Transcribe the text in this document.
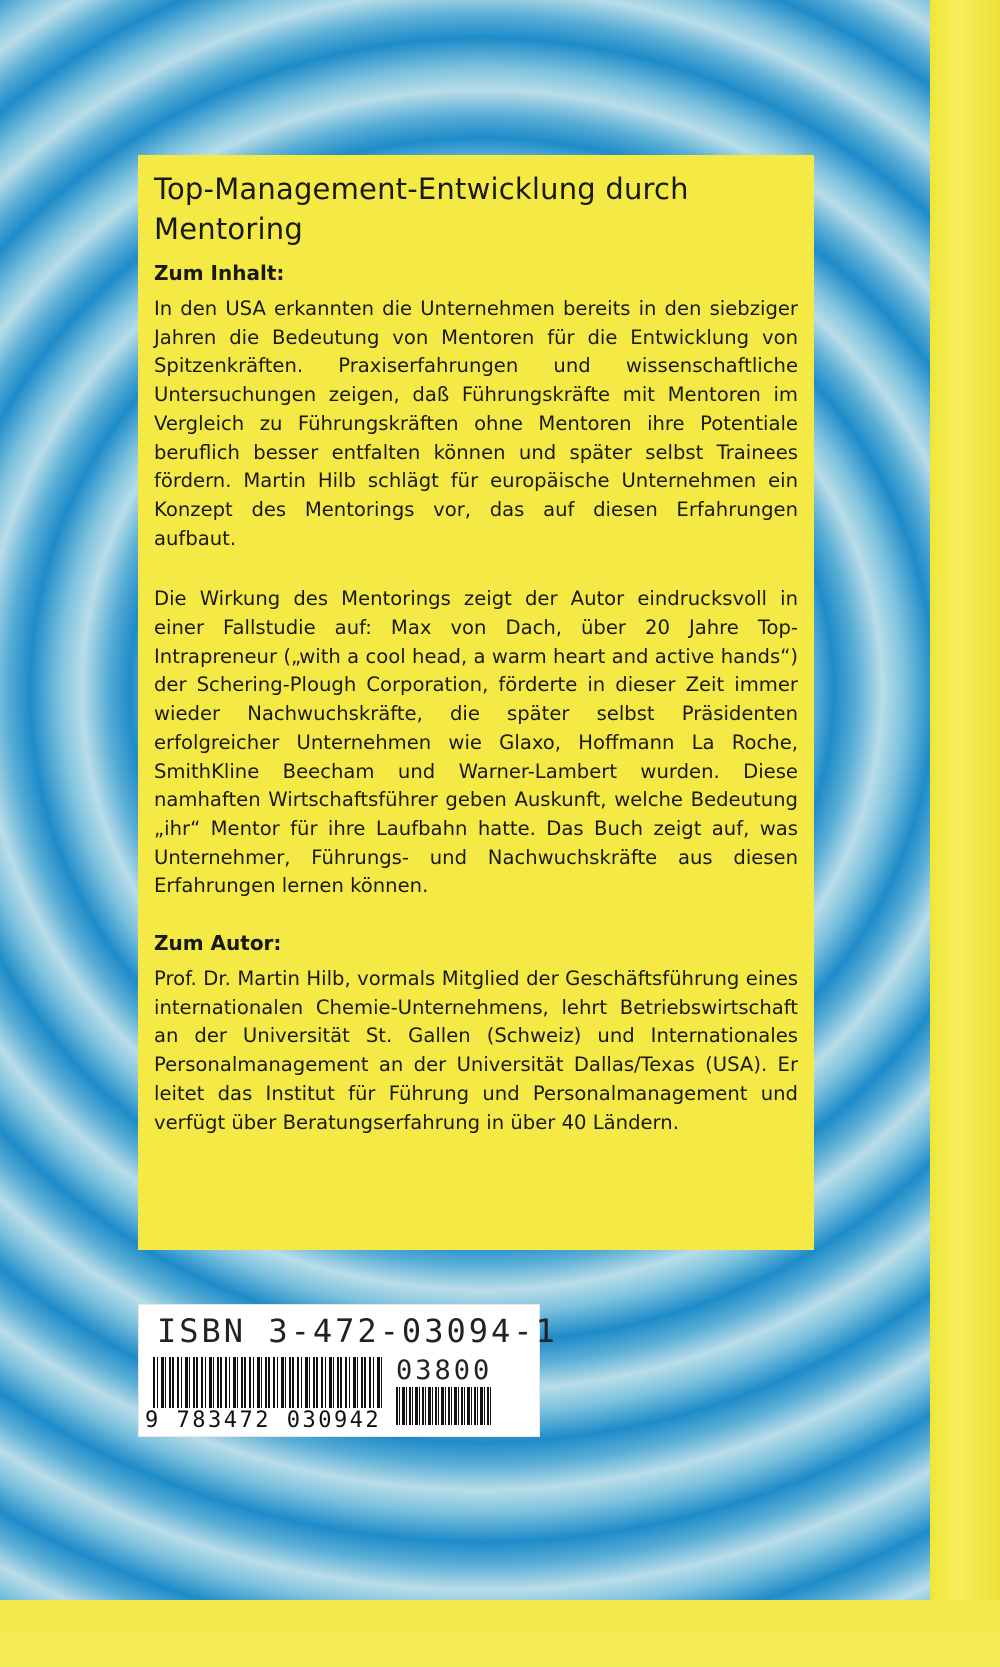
Top-Management-Entwicklung durch Mentoring
Zum Inhalt:

In den USA erkannten die Unternehmen bereits in den siebziger Jahren die Bedeutung von Mentoren für die Entwicklung von Spitzenkräften. Praxiserfahrungen und wissenschaftliche Untersuchungen zeigen, daß Führungskräfte mit Mentoren im Vergleich zu Führungskräften ohne Mentoren ihre Potentiale beruflich besser entfalten können und später selbst Trainees fördern. Martin Hilb schlägt für europäische Unternehmen ein Konzept des Mentorings vor, das auf diesen Erfahrungen aufbaut.

Die Wirkung des Mentorings zeigt der Autor eindrucksvoll in einer Fallstudie auf: Max von Dach, über 20 Jahre Top-Intrapreneur („with a cool head, a warm heart and active hands“) der Schering-Plough Corporation, förderte in dieser Zeit immer wieder Nachwuchskräfte, die später selbst Präsidenten erfolgreicher Unternehmen wie Glaxo, Hoffmann La Roche, SmithKline Beecham und Warner-Lambert wurden. Diese namhaften Wirtschaftsführer geben Auskunft, welche Bedeutung „ihr“ Mentor für ihre Laufbahn hatte. Das Buch zeigt auf, was Unternehmer, Führungs- und Nachwuchskräfte aus diesen Erfahrungen lernen können.

Zum Autor:

Prof. Dr. Martin Hilb, vormals Mitglied der Geschäftsführung eines internationalen Chemie-Unternehmens, lehrt Betriebswirtschaft an der Universität St. Gallen (Schweiz) und Internationales Personalmanagement an der Universität Dallas/Texas (USA). Er leitet das Institut für Führung und Personalmanagement und verfügt über Beratungserfahrung in über 40 Ländern.

ISBN 3-472-03094-1
03800
9 783472 030942
